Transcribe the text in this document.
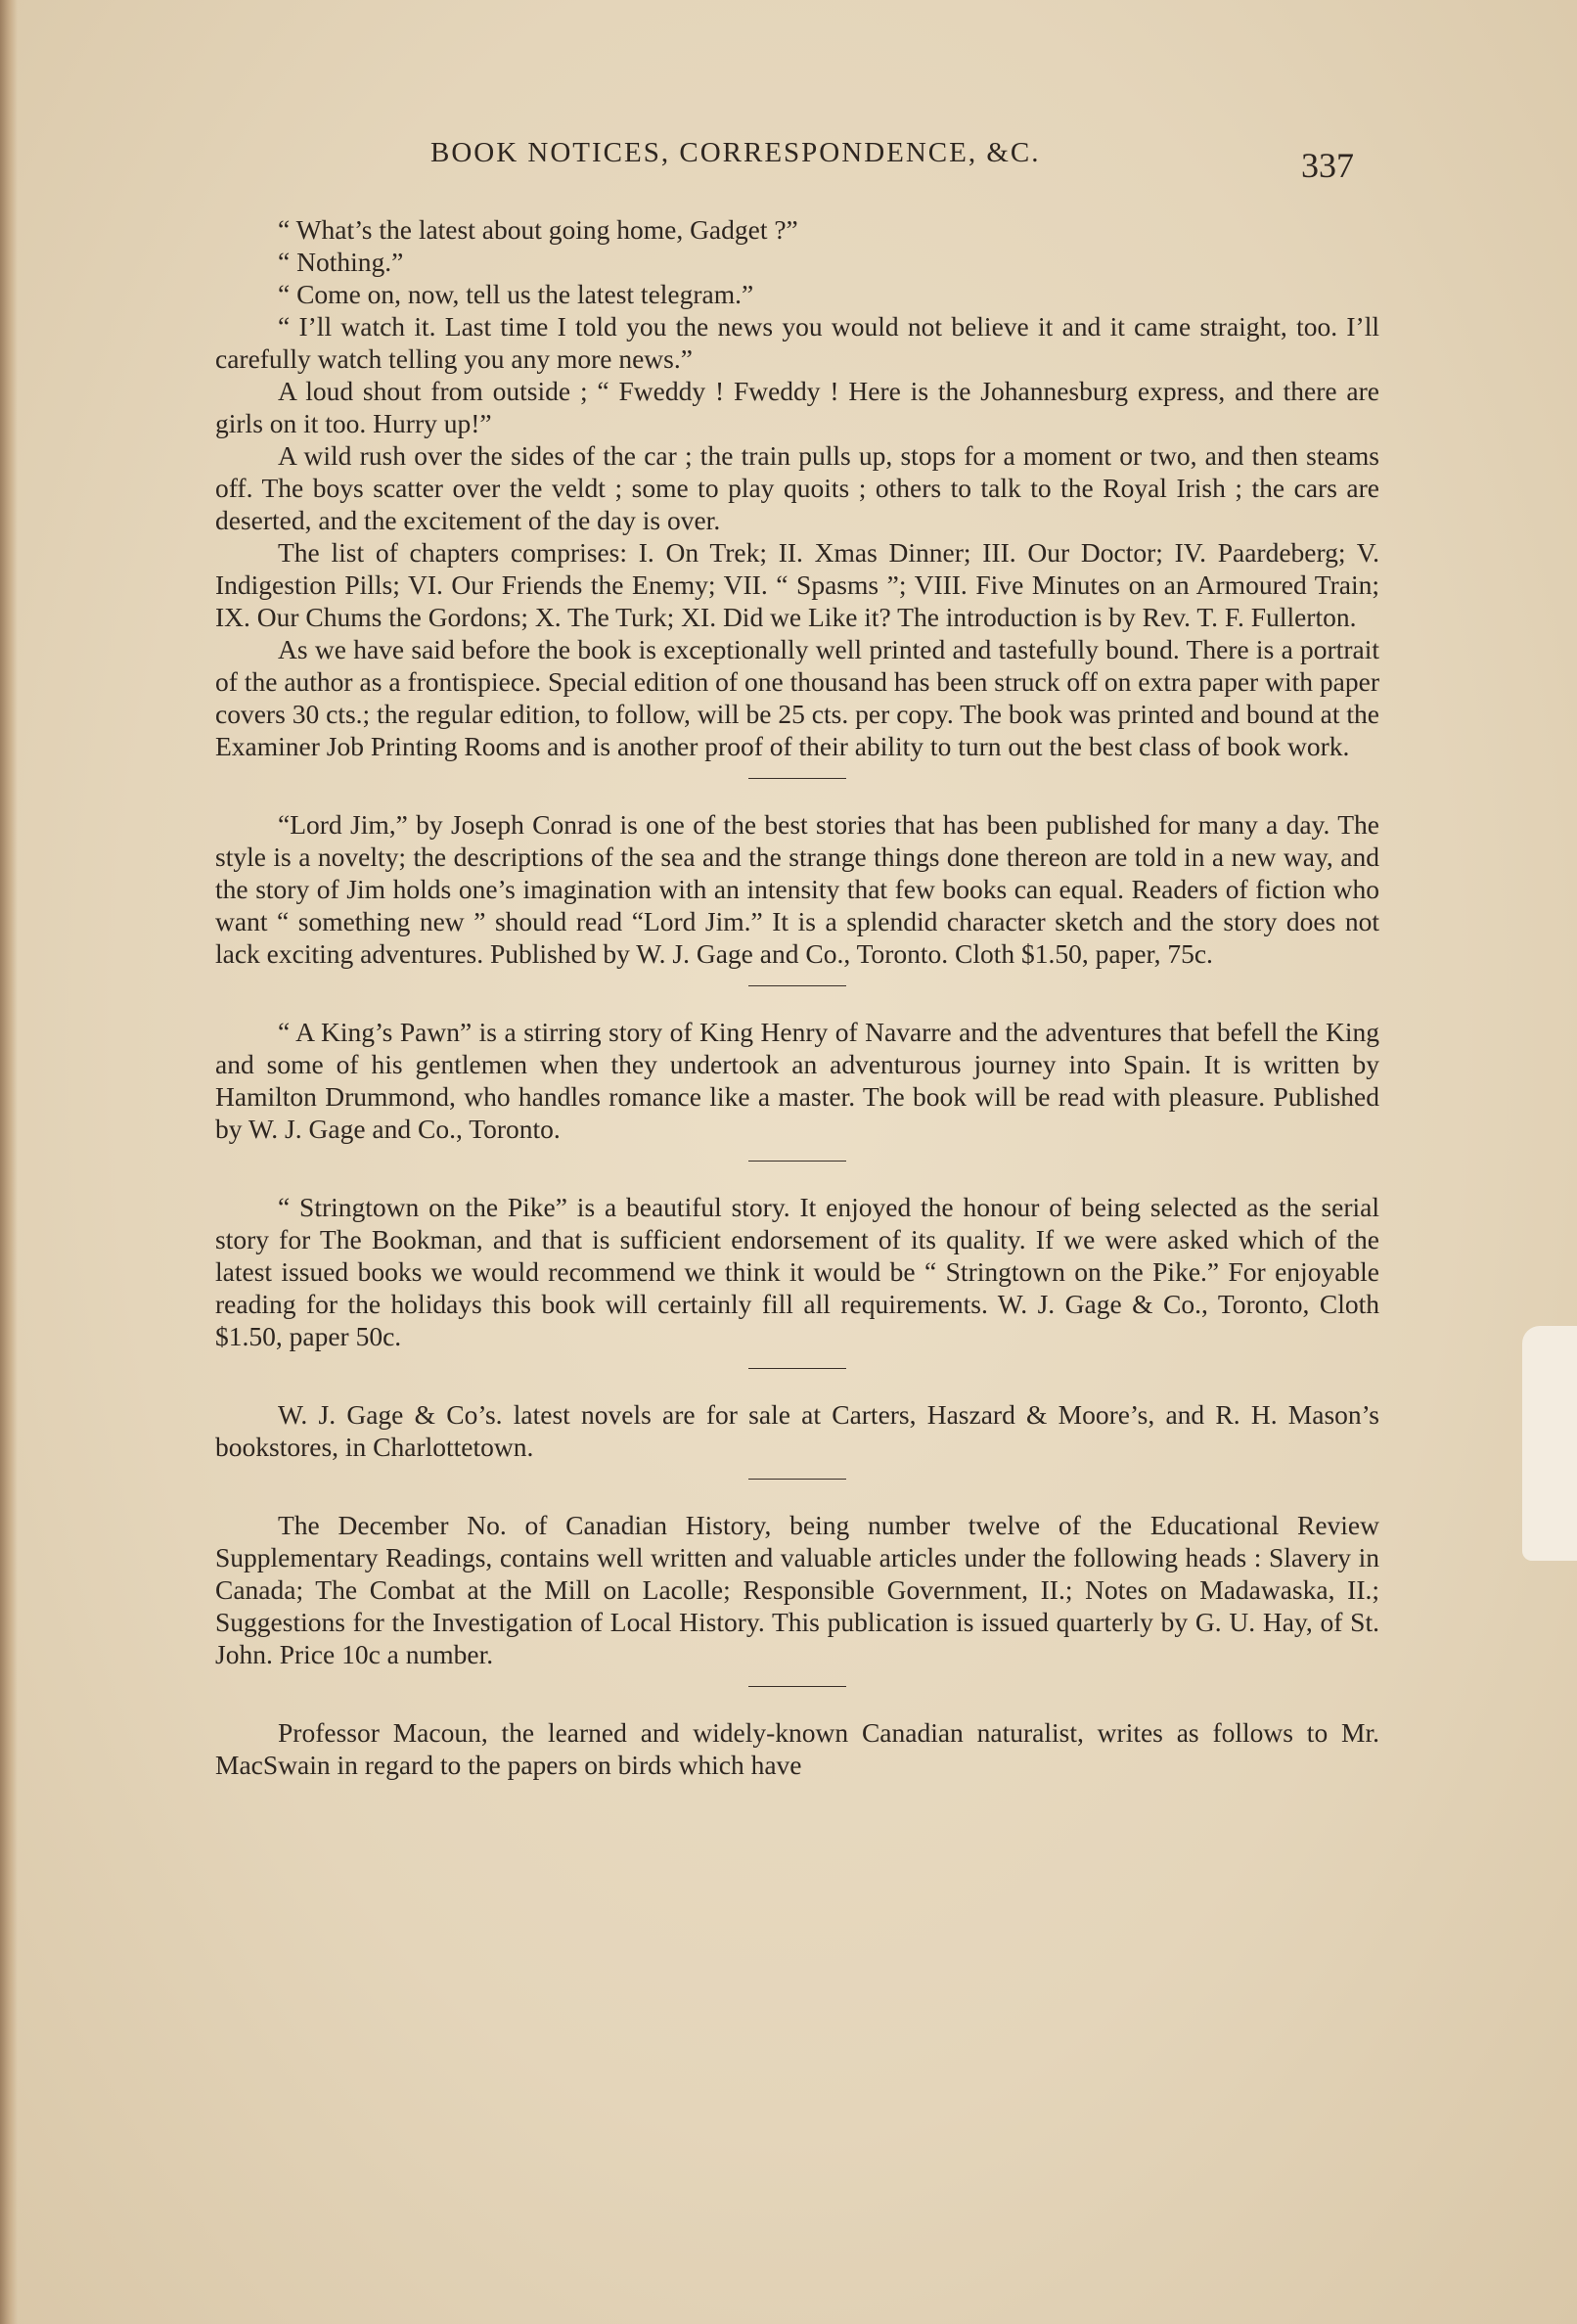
BOOK NOTICES, CORRESPONDENCE, &C.	337

“ What’s the latest about going home, Gadget ?”

“ Nothing.”

“ Come on, now, tell us the latest telegram.”

“ I’ll watch it. Last time I told you the news you would not believe it and it came straight, too. I’ll carefully watch telling you any more news.”

A loud shout from outside ; “ Fweddy ! Fweddy ! Here is the Johannesburg express, and there are girls on it too. Hurry up!”

A wild rush over the sides of the car ; the train pulls up, stops for a moment or two, and then steams off. The boys scatter over the veldt ; some to play quoits ; others to talk to the Royal Irish ; the cars are deserted, and the excitement of the day is over.

The list of chapters comprises: I. On Trek; II. Xmas Dinner; III. Our Doctor; IV. Paardeberg; V. Indigestion Pills; VI. Our Friends the Enemy; VII. “ Spasms ”; VIII. Five Minutes on an Armoured Train; IX. Our Chums the Gordons; X. The Turk; XI. Did we Like it? The introduction is by Rev. T. F. Fullerton.

As we have said before the book is exceptionally well printed and tastefully bound. There is a portrait of the author as a frontispiece. Special edition of one thousand has been struck off on extra paper with paper covers 30 cts.; the regular edition, to follow, will be 25 cts. per copy. The book was printed and bound at the Examiner Job Printing Rooms and is another proof of their ability to turn out the best class of book work.

“Lord Jim,” by Joseph Conrad is one of the best stories that has been published for many a day. The style is a novelty; the descriptions of the sea and the strange things done thereon are told in a new way, and the story of Jim holds one’s imagination with an intensity that few books can equal. Readers of fiction who want “ something new ” should read “Lord Jim.” It is a splendid character sketch and the story does not lack exciting adventures. Published by W. J. Gage and Co., Toronto. Cloth $1.50, paper, 75c.

“ A King’s Pawn” is a stirring story of King Henry of Navarre and the adventures that befell the King and some of his gentlemen when they undertook an adventurous journey into Spain. It is written by Hamilton Drummond, who handles romance like a master. The book will be read with pleasure. Published by W. J. Gage and Co., Toronto.

“ Stringtown on the Pike” is a beautiful story. It enjoyed the honour of being selected as the serial story for The Bookman, and that is sufficient endorsement of its quality. If we were asked which of the latest issued books we would recommend we think it would be “ Stringtown on the Pike.” For enjoyable reading for the holidays this book will certainly fill all requirements. W. J. Gage & Co., Toronto, Cloth $1.50, paper 50c.

W. J. Gage & Co’s. latest novels are for sale at Carters, Haszard & Moore’s, and R. H. Mason’s bookstores, in Charlottetown.

The December No. of Canadian History, being number twelve of the Educational Review Supplementary Readings, contains well written and valuable articles under the following heads : Slavery in Canada; The Combat at the Mill on Lacolle; Responsible Government, II.; Notes on Madawaska, II.; Suggestions for the Investigation of Local History. This publication is issued quarterly by G. U. Hay, of St. John. Price 10c a number.

Professor Macoun, the learned and widely-known Canadian naturalist, writes as follows to Mr. MacSwain in regard to the papers on birds which have
